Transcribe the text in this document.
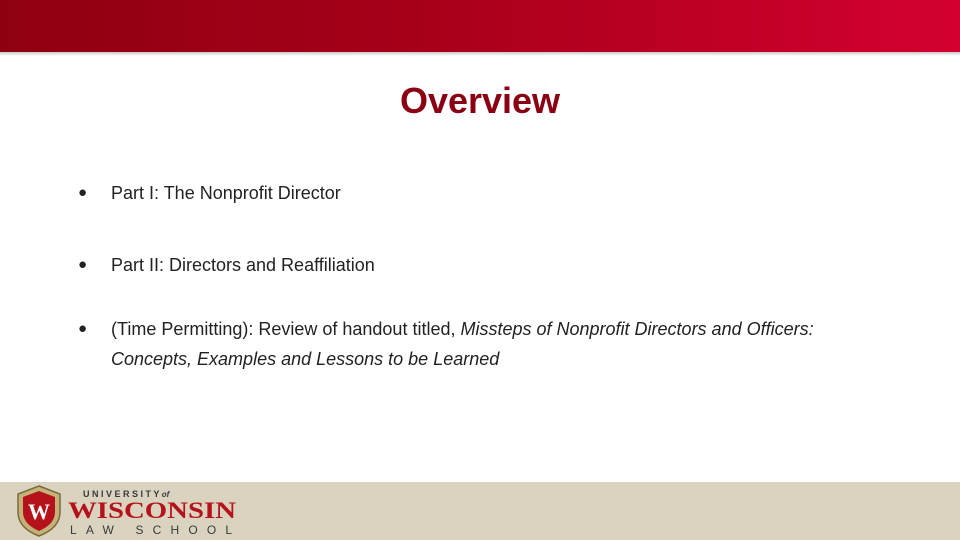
Overview
● Part I: The Nonprofit Director
● Part II: Directors and Reaffiliation
● (Time Permitting): Review of handout titled, Missteps of Nonprofit Directors and Officers: Concepts, Examples and Lessons to be Learned
W
U N I V E R S I T Y of
WISCONSIN
LAW SCHOOL
